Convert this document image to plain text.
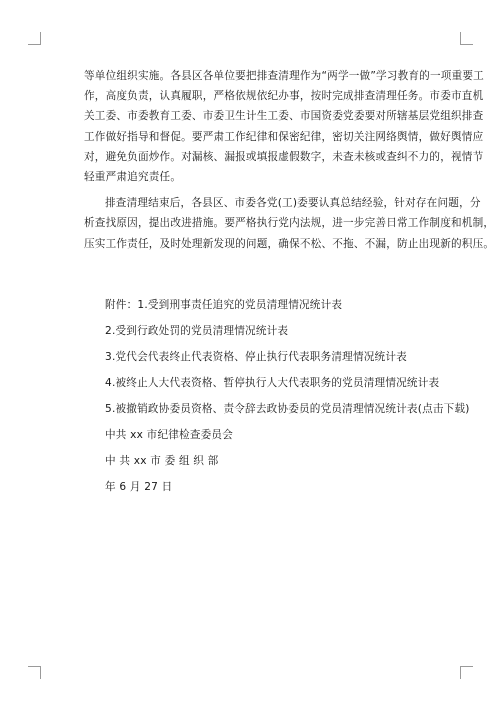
等单位组织实施。各县区各单位要把排查清理作为“两学一做”学习教育的一项重要工
作，高度负责，认真履职，严格依规依纪办事，按时完成排查清理任务。市委市直机
关工委、市委教育工委、市委卫生计生工委、市国资委党委要对所辖基层党组织排查
工作做好指导和督促。要严肃工作纪律和保密纪律，密切关注网络舆情，做好舆情应
对，避免负面炒作。对漏核、漏报或填报虚假数字，未查未核或查纠不力的，视情节
轻重严肃追究责任。
排查清理结束后，各县区、市委各党(工)委要认真总结经验，针对存在问题，分
析查找原因，提出改进措施。要严格执行党内法规，进一步完善日常工作制度和机制，
压实工作责任，及时处理新发现的问题，确保不松、不拖、不漏，防止出现新的积压。
附件：1.受到刑事责任追究的党员清理情况统计表
2.受到行政处罚的党员清理情况统计表
3.党代会代表终止代表资格、停止执行代表职务清理情况统计表
4.被终止人大代表资格、暂停执行人大代表职务的党员清理情况统计表
5.被撤销政协委员资格、责令辞去政协委员的党员清理情况统计表(点击下载)
中共 xx 市纪律检查委员会
中 共 xx 市 委 组 织 部
年 6 月 27 日
